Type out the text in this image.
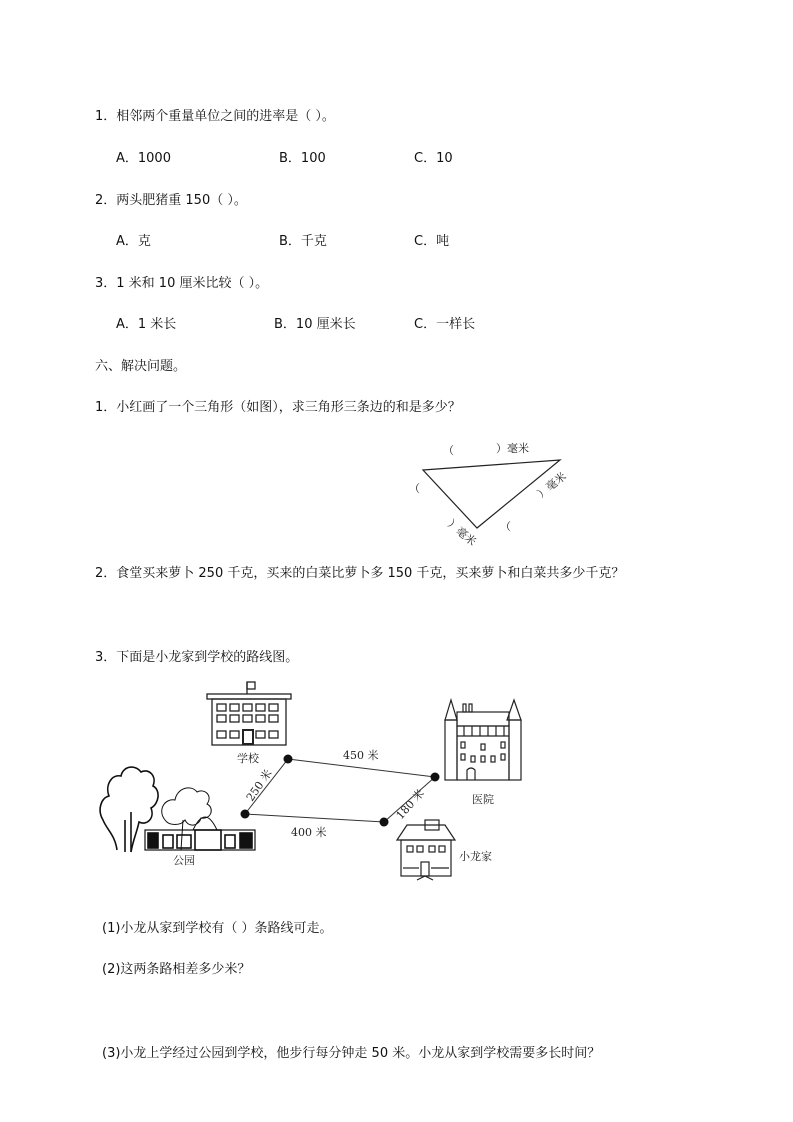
1．相邻两个重量单位之间的进率是（ ）。
A．1000	B．100	C．10
2．两头肥猪重 150（ ）。
A．克	B．千克	C．吨
3．1 米和 10 厘米比较（ ）。
A．1 米长	B．10 厘米长	C．一样长
六、解决问题。
1．小红画了一个三角形（如图），求三角形三条边的和是多少？
（	）毫米
（
）毫米 （
）毫米
2．食堂买来萝卜 250 千克，买来的白菜比萝卜多 150 千克，买来萝卜和白菜共多少千克？
3．下面是小龙家到学校的路线图。
学校
公园
医院
小龙家
250 米
450 米
180 米
400 米
(1)小龙从家到学校有（ ）条路线可走。
(2)这两条路相差多少米？
(3)小龙上学经过公园到学校，他步行每分钟走 50 米。小龙从家到学校需要多长时间？
